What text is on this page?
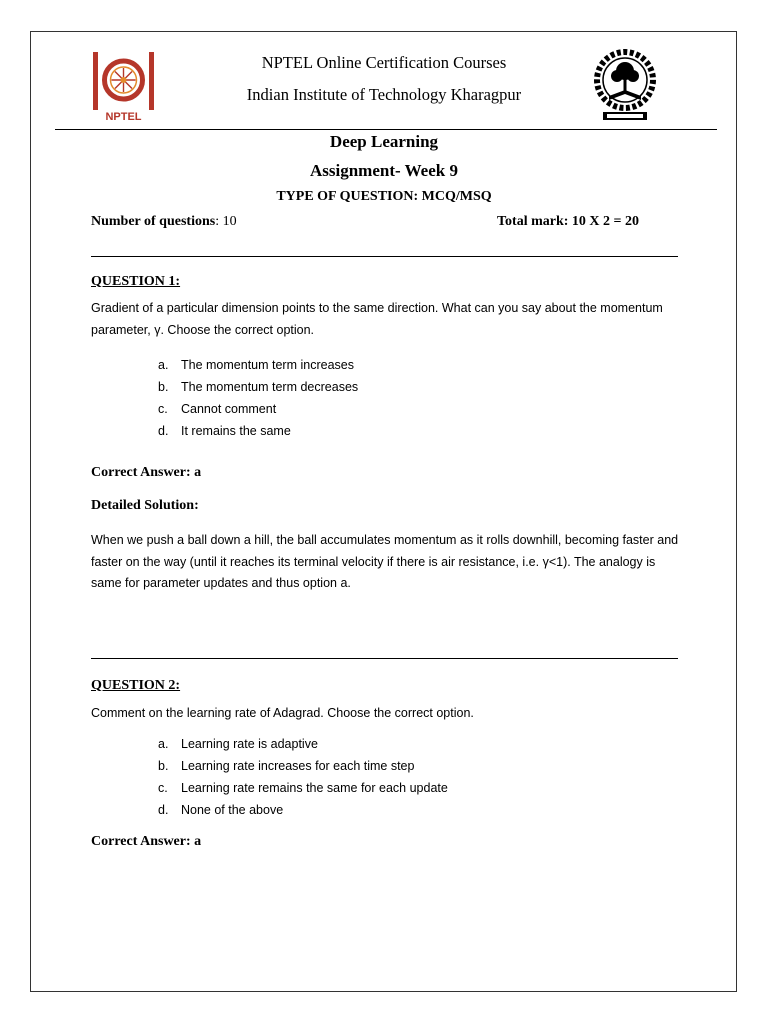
NPTEL
NPTEL Online Certification Courses
Indian Institute of Technology Kharagpur
Deep Learning
Assignment- Week 9
TYPE OF QUESTION: MCQ/MSQ
Number of questions: 10	Total mark: 10 X 2 = 20
QUESTION 1:
Gradient of a particular dimension points to the same direction. What can you say about the momentum parameter, γ. Choose the correct option.
a. The momentum term increases
b. The momentum term decreases
c. Cannot comment
d. It remains the same
Correct Answer: a
Detailed Solution:
When we push a ball down a hill, the ball accumulates momentum as it rolls downhill, becoming faster and faster on the way (until it reaches its terminal velocity if there is air resistance, i.e. γ<1). The analogy is same for parameter updates and thus option a.
QUESTION 2:
Comment on the learning rate of Adagrad. Choose the correct option.
a. Learning rate is adaptive
b. Learning rate increases for each time step
c. Learning rate remains the same for each update
d. None of the above
Correct Answer: a
